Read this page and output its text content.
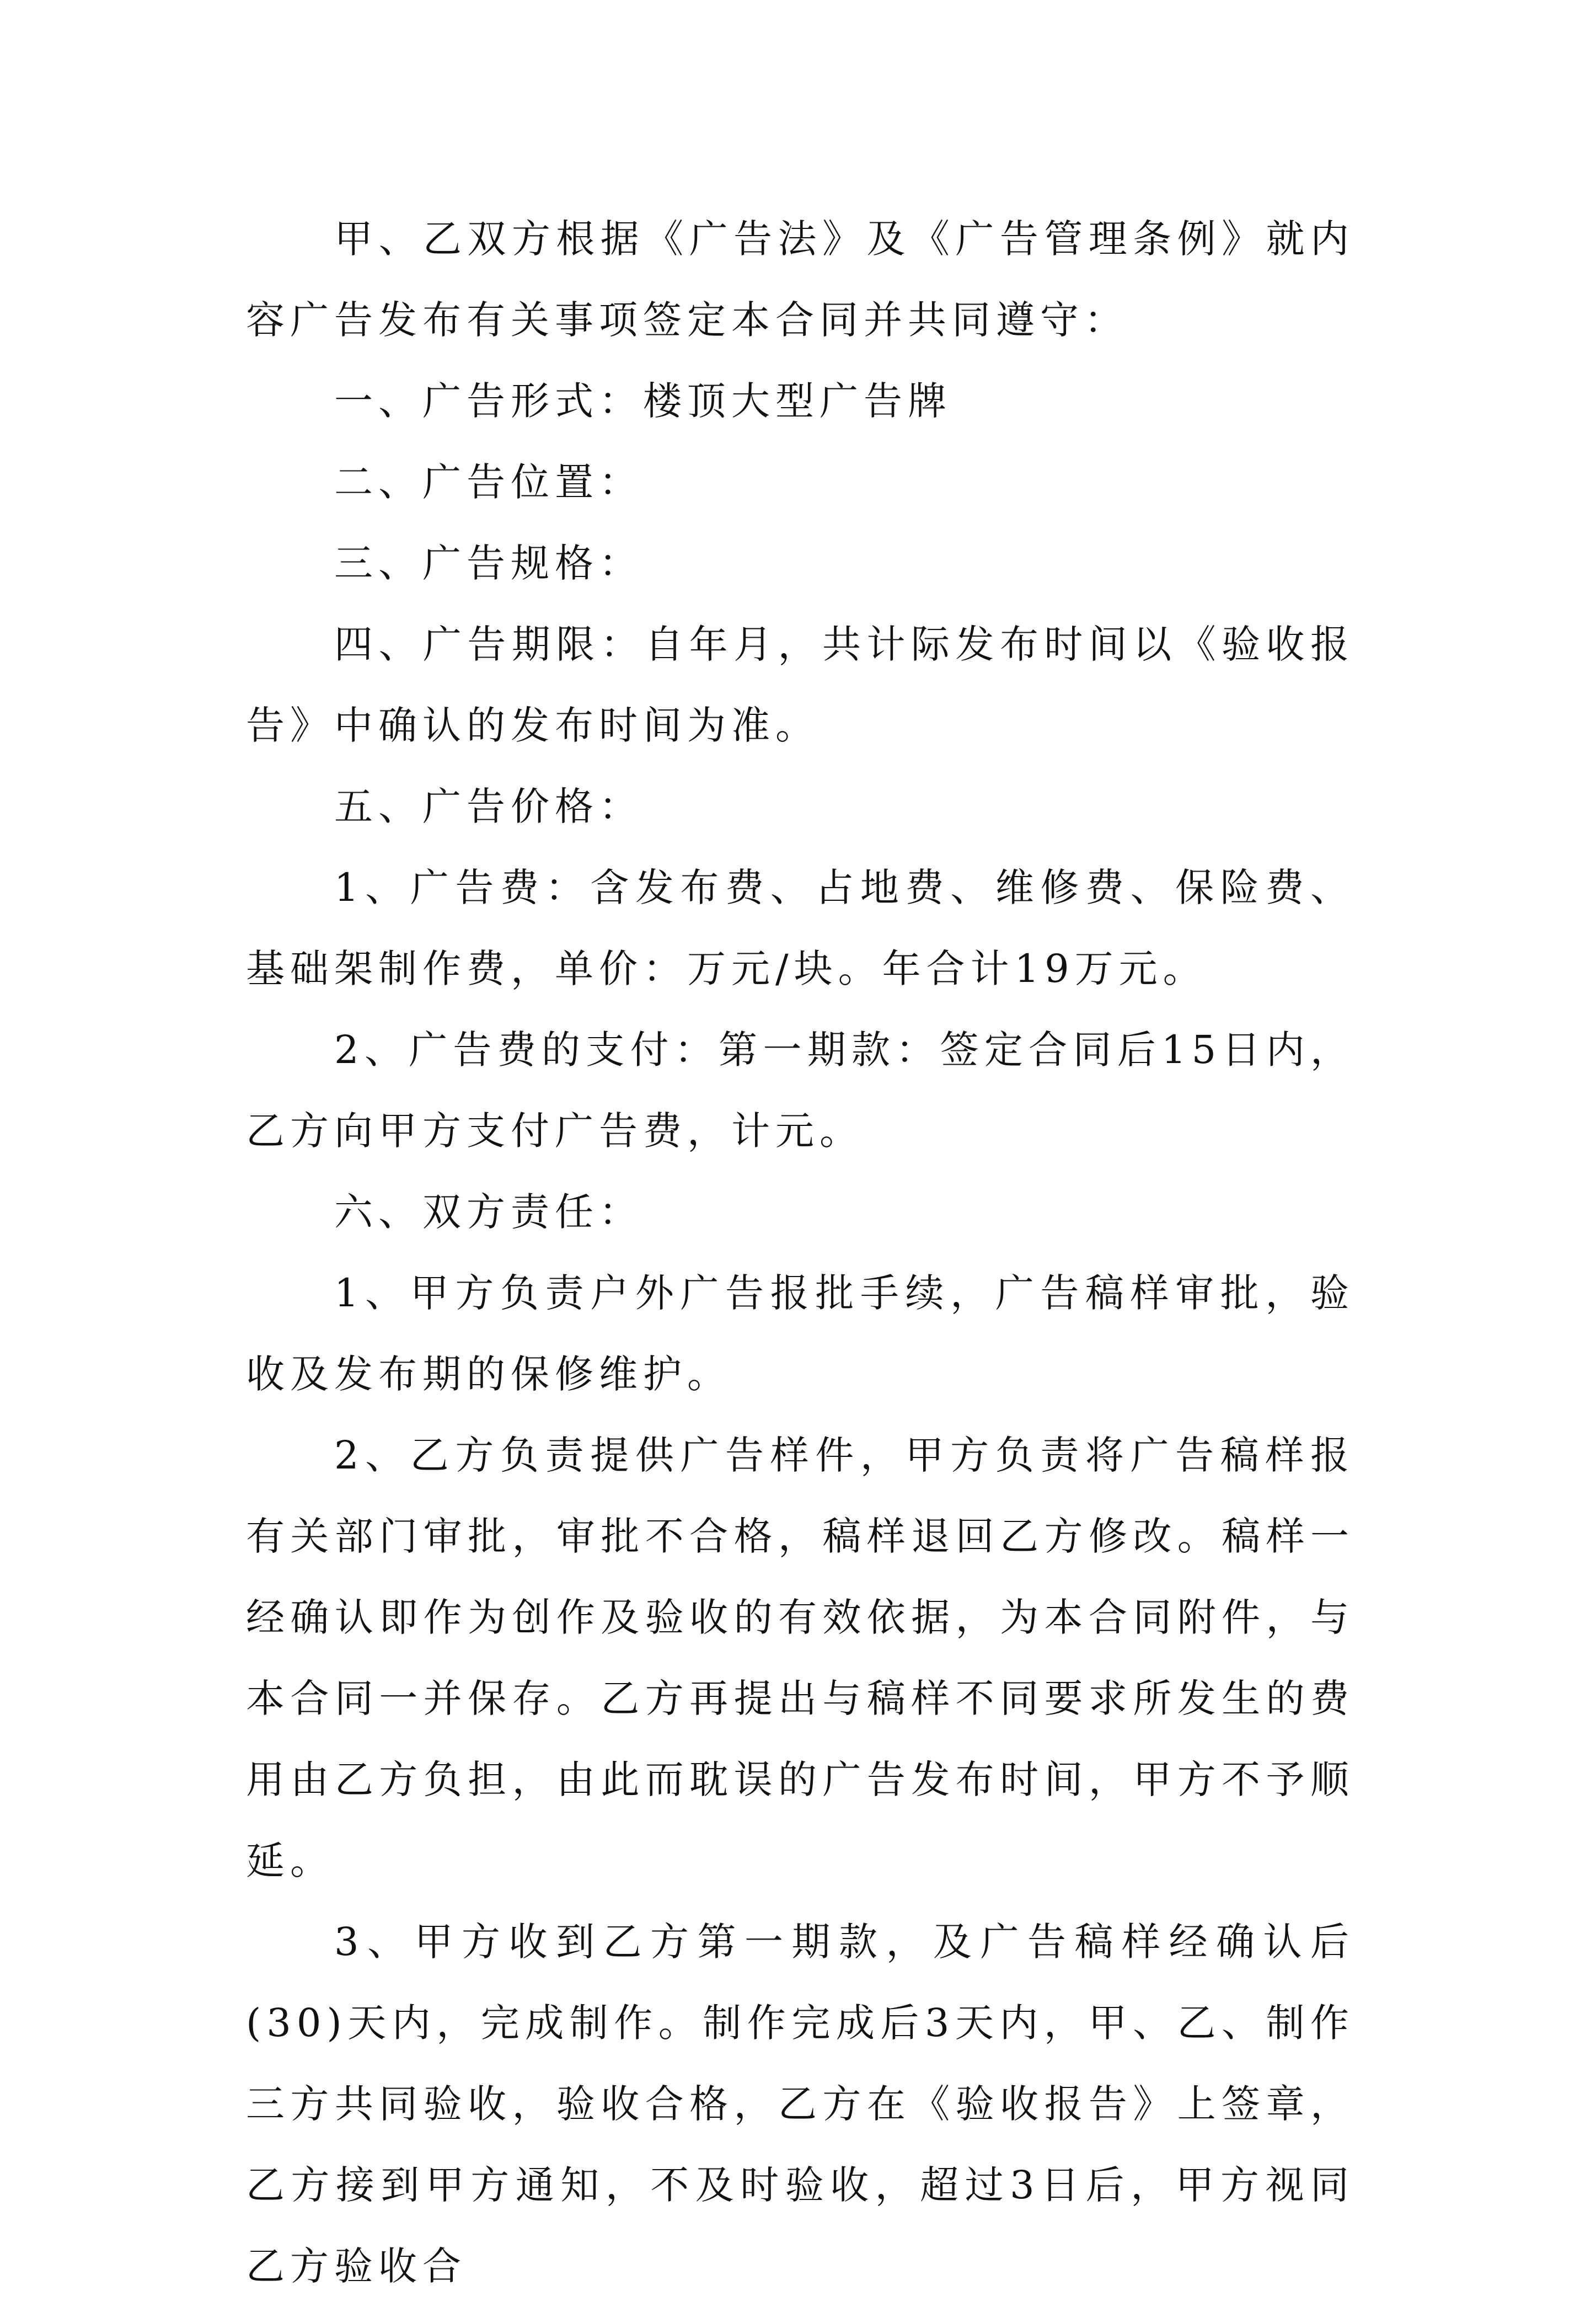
甲、乙双方根据《广告法》及《广告管理条例》就内容广告发布有关事项签定本合同并共同遵守：

一、广告形式：楼顶大型广告牌

二、广告位置：

三、广告规格：

四、广告期限：自年月，共计际发布时间以《验收报告》中确认的发布时间为准。

五、广告价格：

1、广告费：含发布费、占地费、维修费、保险费、基础架制作费，单价：万元/块。年合计19万元。

2、广告费的支付：第一期款：签定合同后15日内，乙方向甲方支付广告费，计元。

六、双方责任：

1、甲方负责户外广告报批手续，广告稿样审批，验收及发布期的保修维护。

2、乙方负责提供广告样件，甲方负责将广告稿样报有关部门审批，审批不合格，稿样退回乙方修改。稿样一经确认即作为创作及验收的有效依据，为本合同附件，与本合同一并保存。乙方再提出与稿样不同要求所发生的费用由乙方负担，由此而耽误的广告发布时间，甲方不予顺延。

3、甲方收到乙方第一期款，及广告稿样经确认后(30)天内，完成制作。制作完成后3天内，甲、乙、制作三方共同验收，验收合格，乙方在《验收报告》上签章，乙方接到甲方通知，不及时验收，超过3日后，甲方视同乙方验收合
